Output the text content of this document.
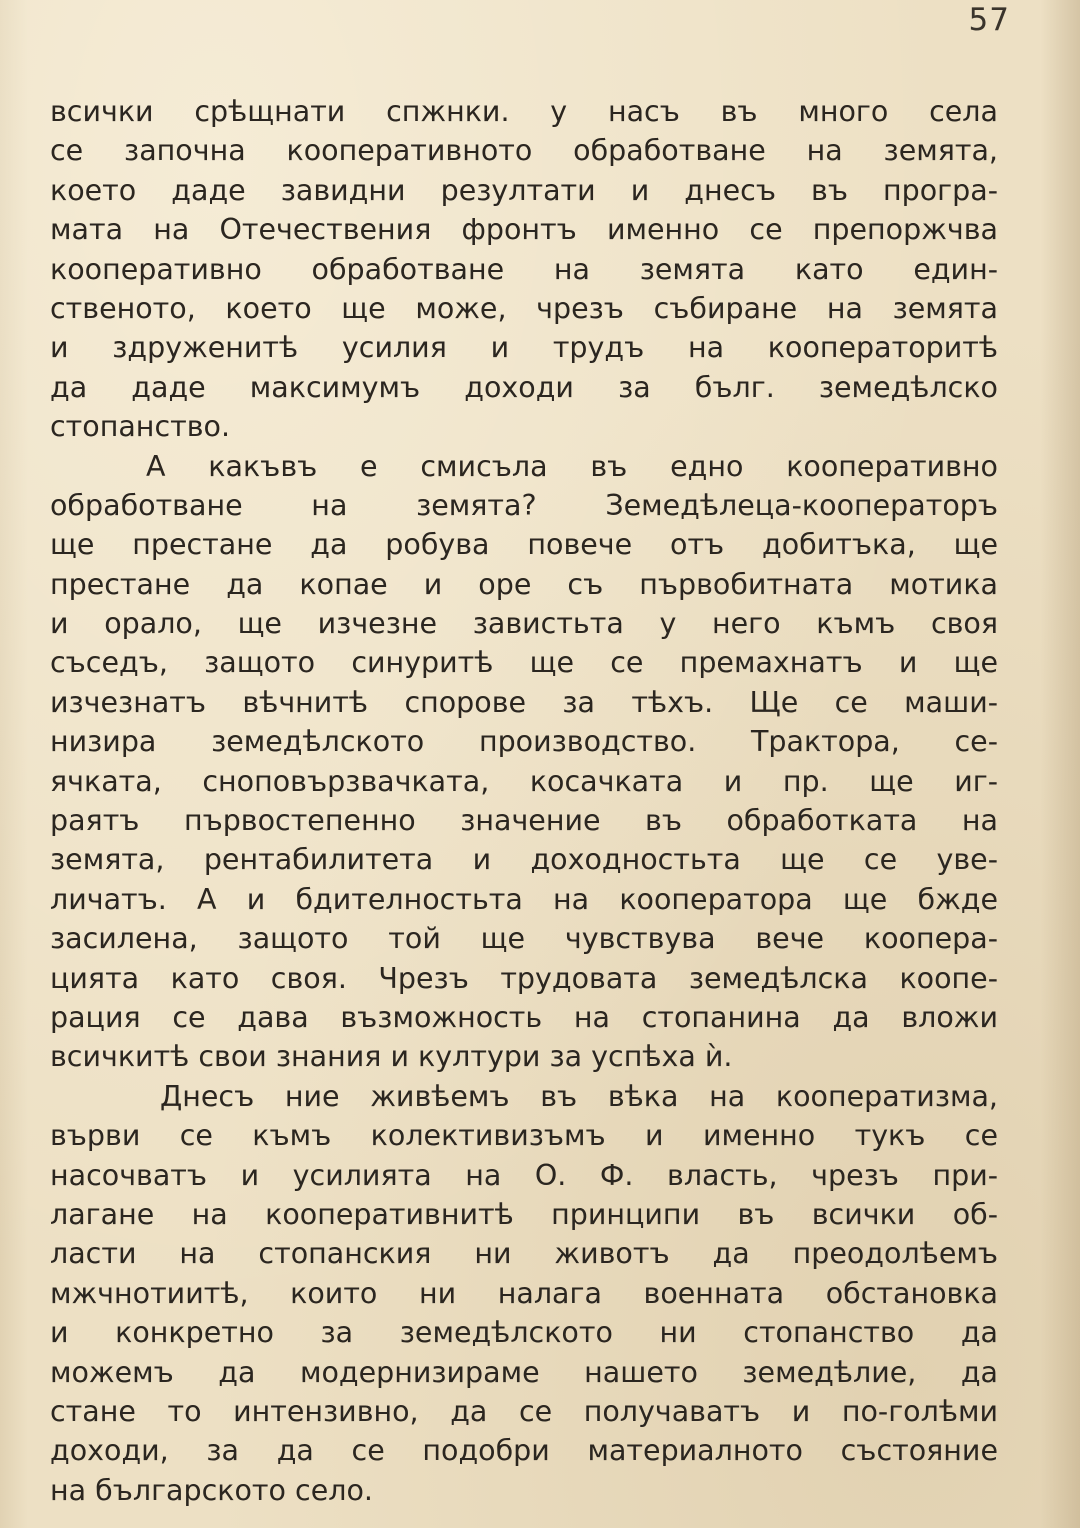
57
всички срѣщнати спжнки. у насъ въ много села
се започна кооперативното обработване на земята,
което даде завидни резултати и днесъ въ програ-
мата на Отечествения фронтъ именно се препоржчва
кооперативно обработване на земята като един-
ственото, което ще може, чрезъ събиране на земята
и здруженитѣ усилия и трудъ на кооператоритѣ
да даде максимумъ доходи за бълг. земедѣлско
стопанство.
А какъвъ е смисъла въ едно кооперативно
обработване на земята? Земедѣлеца-кооператоръ
ще престане да робува повече отъ добитъка, ще
престане да копае и оре съ първобитната мотика
и орало, ще изчезне завистьта у него къмъ своя
съседъ, защото синуритѣ ще се премахнатъ и ще
изчезнатъ вѣчнитѣ спорове за тѣхъ. Ще се маши-
низира земедѣлското производство. Трактора, се-
ячката, сноповързвачката, косачката и пр. ще иг-
раятъ първостепенно значение въ обработката на
земята, рентабилитета и доходностьта ще се уве-
личатъ. А и бдителностьта на кооператора ще бжде
засилена, защото той ще чувствува вече коопера-
цията като своя. Чрезъ трудовата земедѣлска коопе-
рация се дава възможность на стопанина да вложи
всичкитѣ свои знания и култури за успѣха ѝ.
Днесъ ние живѣемъ въ вѣка на кооператизма,
върви се къмъ колективизъмъ и именно тукъ се
насочватъ и усилията на О. Ф. власть, чрезъ при-
лагане на кооперативнитѣ принципи въ всички об-
ласти на стопанския ни животъ да преодолѣемъ
мжчнотиитѣ, които ни налага военната обстановка
и конкретно за земедѣлското ни стопанство да
можемъ да модернизираме нашето земедѣлие, да
стане то интензивно, да се получаватъ и по-голѣми
доходи, за да се подобри материалното състояние
на българското село.
